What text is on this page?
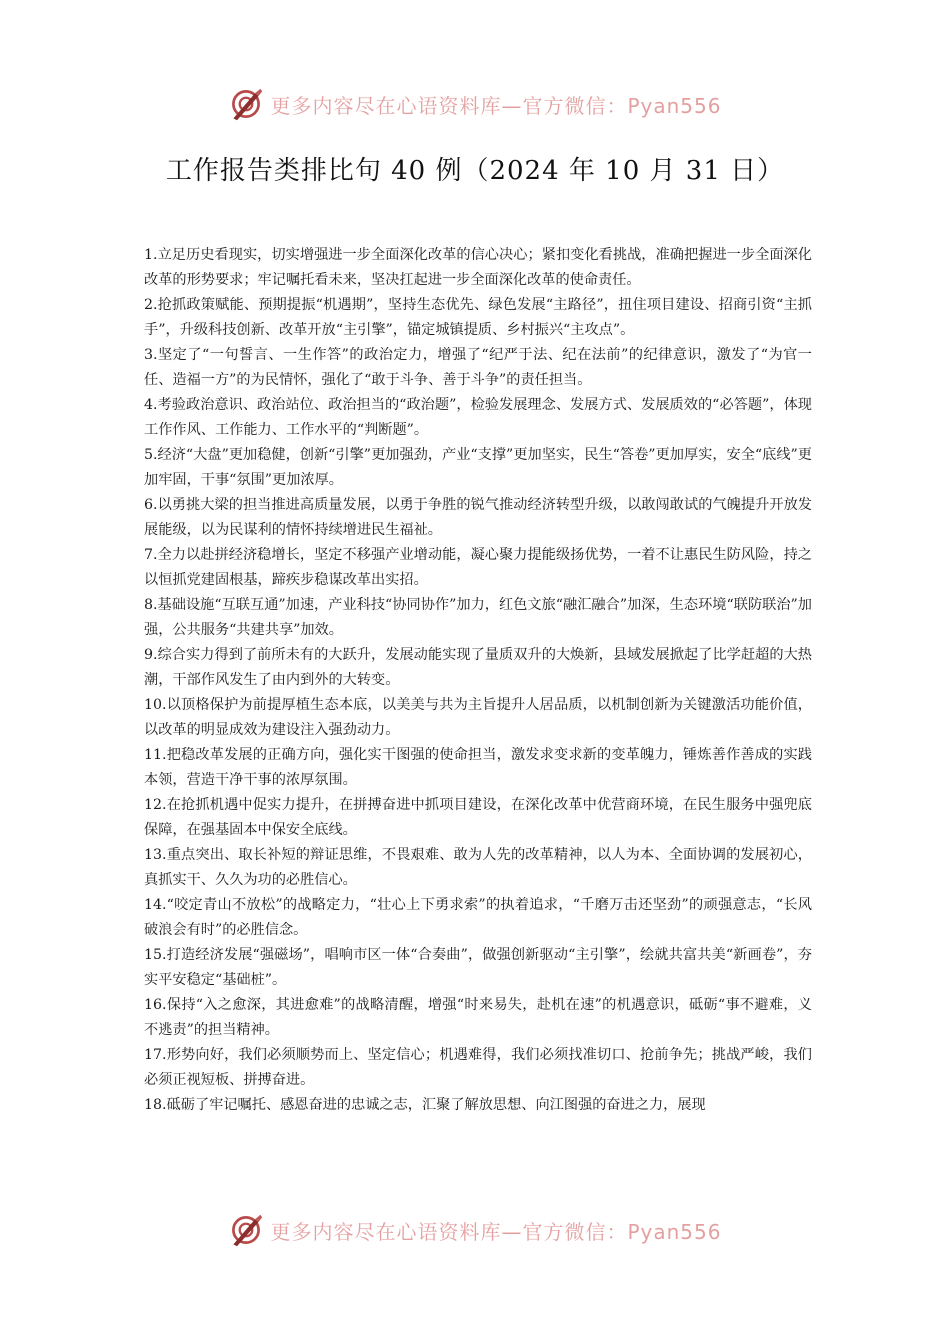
更多内容尽在心语资料库—官方微信：Pyan556
工作报告类排比句 40 例（2024 年 10 月 31 日）

1.立足历史看现实，切实增强进一步全面深化改革的信心决心；紧扣变化看挑战，准确把握进一步全面深化改革的形势要求；牢记嘱托看未来，坚决扛起进一步全面深化改革的使命责任。

2.抢抓政策赋能、预期提振“机遇期”，坚持生态优先、绿色发展“主路径”，扭住项目建设、招商引资“主抓手”，升级科技创新、改革开放“主引擎”，锚定城镇提质、乡村振兴“主攻点”。

3.坚定了“一句誓言、一生作答”的政治定力，增强了“纪严于法、纪在法前”的纪律意识，激发了“为官一任、造福一方”的为民情怀，强化了“敢于斗争、善于斗争”的责任担当。

4.考验政治意识、政治站位、政治担当的“政治题”，检验发展理念、发展方式、发展质效的“必答题”，体现工作作风、工作能力、工作水平的“判断题”。

5.经济“大盘”更加稳健，创新“引擎”更加强劲，产业“支撑”更加坚实，民生“答卷”更加厚实，安全“底线”更加牢固，干事“氛围”更加浓厚。

6.以勇挑大梁的担当推进高质量发展，以勇于争胜的锐气推动经济转型升级，以敢闯敢试的气魄提升开放发展能级，以为民谋利的情怀持续增进民生福祉。

7.全力以赴拼经济稳增长，坚定不移强产业增动能，凝心聚力提能级扬优势，一着不让惠民生防风险，持之以恒抓党建固根基，蹄疾步稳谋改革出实招。

8.基础设施“互联互通”加速，产业科技“协同协作”加力，红色文旅“融汇融合”加深，生态环境“联防联治”加强，公共服务“共建共享”加效。

9.综合实力得到了前所未有的大跃升，发展动能实现了量质双升的大焕新，县域发展掀起了比学赶超的大热潮，干部作风发生了由内到外的大转变。

10.以顶格保护为前提厚植生态本底，以美美与共为主旨提升人居品质，以机制创新为关键激活功能价值，以改革的明显成效为建设注入强劲动力。

11.把稳改革发展的正确方向，强化实干图强的使命担当，激发求变求新的变革魄力，锤炼善作善成的实践本领，营造干净干事的浓厚氛围。

12.在抢抓机遇中促实力提升，在拼搏奋进中抓项目建设，在深化改革中优营商环境，在民生服务中强兜底保障，在强基固本中保安全底线。

13.重点突出、取长补短的辩证思维，不畏艰难、敢为人先的改革精神，以人为本、全面协调的发展初心，真抓实干、久久为功的必胜信心。

14.“咬定青山不放松”的战略定力，“壮心上下勇求索”的执着追求，“千磨万击还坚劲”的顽强意志，“长风破浪会有时”的必胜信念。

15.打造经济发展“强磁场”，唱响市区一体“合奏曲”，做强创新驱动“主引擎”，绘就共富共美“新画卷”，夯实平安稳定“基础桩”。

16.保持“入之愈深，其进愈难”的战略清醒，增强“时来易失，赴机在速”的机遇意识，砥砺“事不避难，义不逃责”的担当精神。

17.形势向好，我们必须顺势而上、坚定信心；机遇难得，我们必须找准切口、抢前争先；挑战严峻，我们必须正视短板、拼搏奋进。

18.砥砺了牢记嘱托、感恩奋进的忠诚之志，汇聚了解放思想、向江图强的奋进之力，展现

更多内容尽在心语资料库—官方微信：Pyan556
